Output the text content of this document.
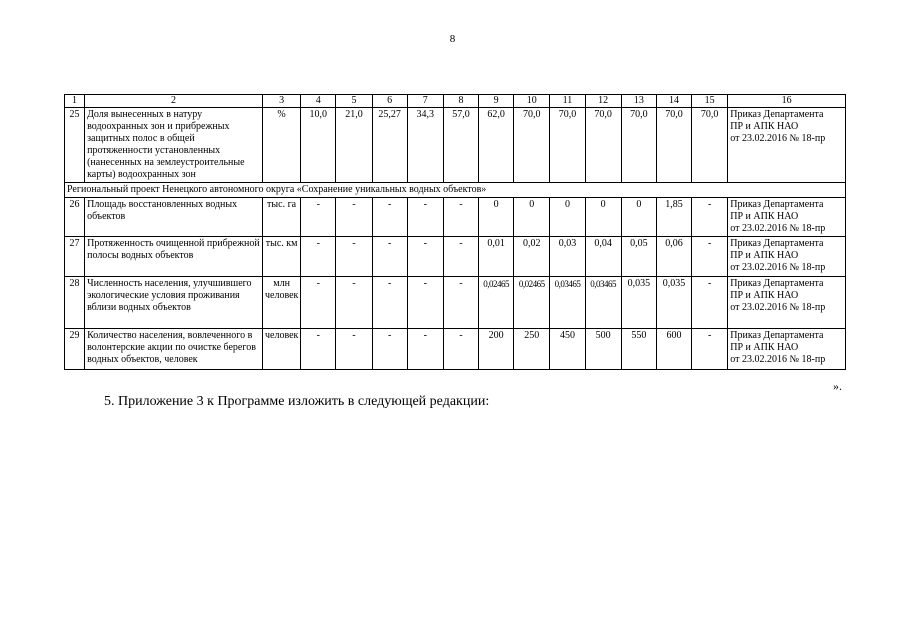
8
1	2	3	4	5	6	7	8	9	10	11	12	13	14	15	16
25	Доля вынесенных в натуру водоохранных зон и прибрежных защитных полос в общей протяженности установленных (нанесенных на землеустроительные карты) водоохранных зон	%	10,0	21,0	25,27	34,3	57,0	62,0	70,0	70,0	70,0	70,0	70,0	70,0	Приказ Департамента
ПР и АПК НАО
от 23.02.2016 № 18-пр

Региональный проект Ненецкого автономного округа «Сохранение уникальных водных объектов»															
26	Площадь восстановленных водных объектов	тыс. га	-	-	-	-	-	0	0	0	0	0	1,85	-	Приказ Департамента
ПР и АПК НАО
от 23.02.2016 № 18-пр

27	Протяженность очищенной прибрежной полосы водных объектов	тыс. км	-	-	-	-	-	0,01	0,02	0,03	0,04	0,05	0,06	-	Приказ Департамента
ПР и АПК НАО
от 23.02.2016 № 18-пр

28	Численность населения, улучшившего экологические условия проживания вблизи водных объектов	млн человек	-	-	-	-	-	0,02465	0,02465	0,03465	0,03465	0,035	0,035	-	Приказ Департамента
ПР и АПК НАО
от 23.02.2016 № 18-пр

29	Количество населения, вовлеченного в волонтерские акции по очистке берегов водных объектов, человек	человек	-	-	-	-	-	200	250	450	500	550	600	-	Приказ Департамента
ПР и АПК НАО
от 23.02.2016 № 18-пр
».
5. Приложение 3 к Программе изложить в следующей редакции:
